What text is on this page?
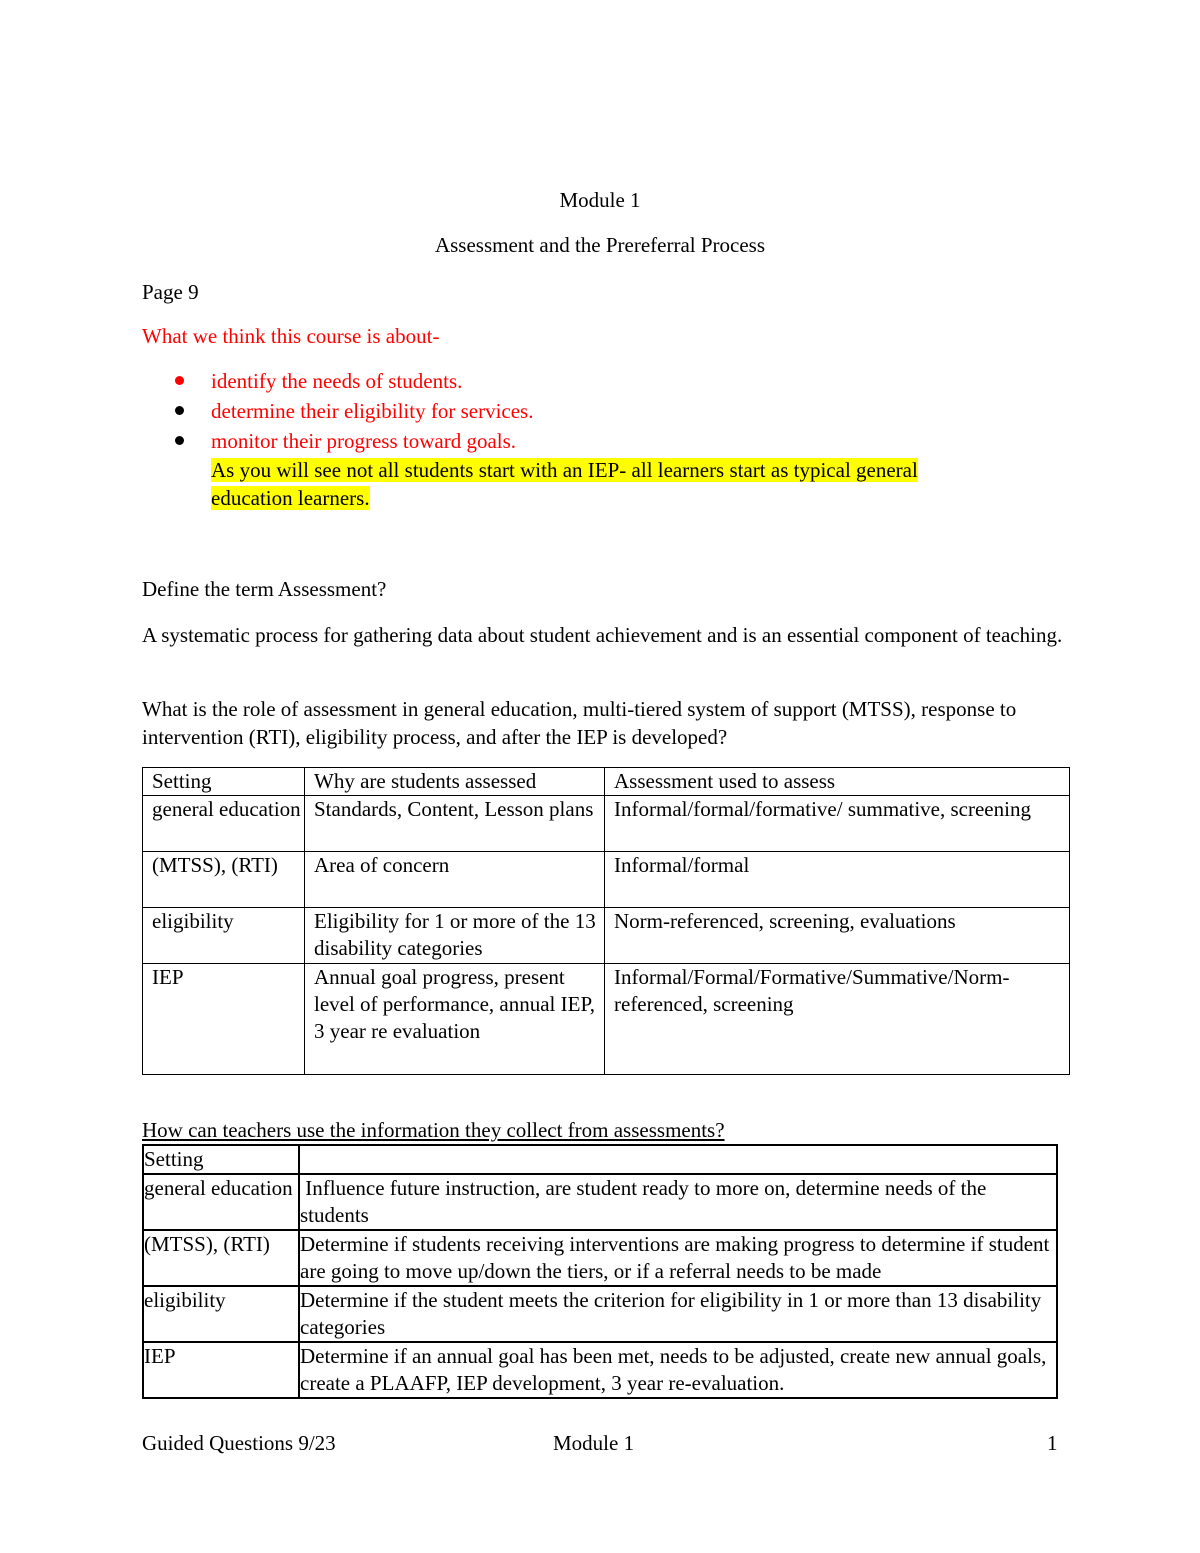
Module 1
Assessment and the Prereferral Process
Page 9
What we think this course is about-
identify the needs of students.
determine their eligibility for services.
monitor their progress toward goals.
As you will see not all students start with an IEP- all learners start as typical general
education learners.
Define the term Assessment?
A systematic process for gathering data about student achievement and is an essential component of teaching.
What is the role of assessment in general education, multi-tiered system of support (MTSS), response to intervention (RTI), eligibility process, and after the IEP is developed?
Setting	Why are students assessed	Assessment used to assess
general education	Standards, Content, Lesson plans	Informal/formal/formative/ summative, screening
(MTSS), (RTI)	Area of concern	Informal/formal
eligibility	Eligibility for 1 or more of the 13 disability categories	Norm-referenced, screening, evaluations
IEP	Annual goal progress, present level of performance, annual IEP, 3 year re evaluation	Informal/Formal/Formative/Summative/Norm-referenced, screening
How can teachers use the information they collect from assessments?
Setting	
general education	Influence future instruction, are student ready to more on, determine needs of the students
(MTSS), (RTI)	Determine if students receiving interventions are making progress to determine if student are going to move up/down the tiers, or if a referral needs to be made
eligibility	Determine if the student meets the criterion for eligibility in 1 or more than 13 disability categories
IEP	Determine if an annual goal has been met, needs to be adjusted, create new annual goals, create a PLAAFP, IEP development, 3 year re-evaluation.
Guided Questions 9/23	Module 1	1
